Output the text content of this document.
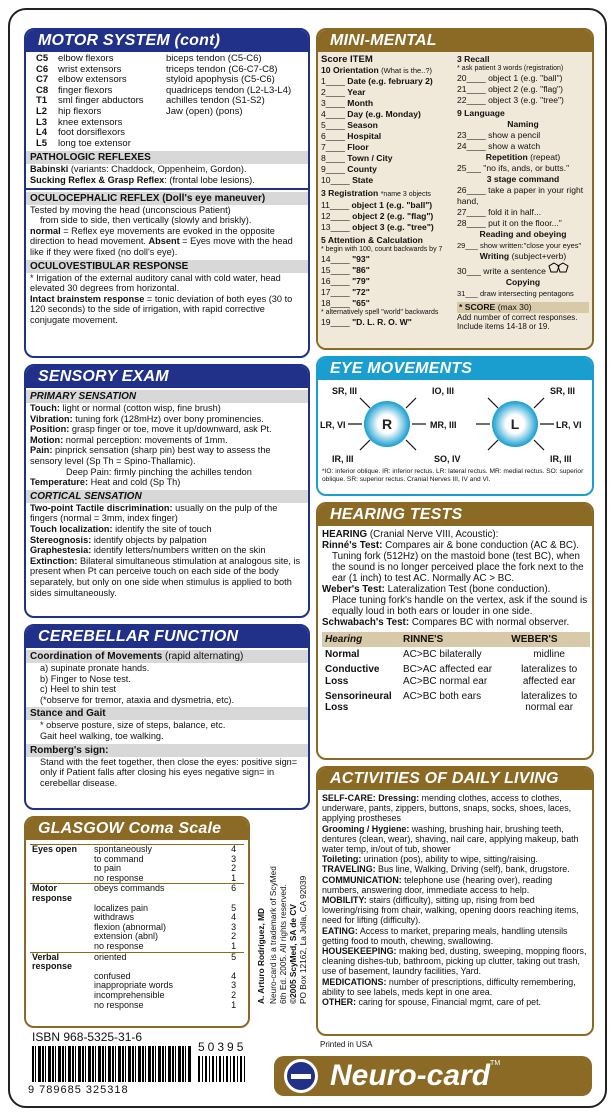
MOTOR SYSTEM (cont)
C5	elbow flexors	biceps tendon (C5-C6)
C6	wrist extensors	triceps tendon (C6-C7-C8)
C7	elbow extensors	styloid apophysis (C5-C6)
C8	finger flexors	quadriceps tendon (L2-L3-L4)
T1	sml finger abductors	achilles tendon (S1-S2)
L2	hip flexors	Jaw (open) (pons)
L3	knee extensors	
L4	foot dorsiflexors	
L5	long toe extensor	
PATHOLOGIC REFLEXES
Babinski (variants: Chaddock, Oppenheim, Gordon).
Sucking Reflex & Grasp Reflex: (frontal lobe lesions).
OCULOCEPHALIC REFLEX (Doll's eye maneuver)
Tested by moving the head (unconscious Patient)
from side to side, then vertically (slowly and briskly).
normal = Reflex eye movements are evoked in the opposite direction to head movement. Absent = Eyes move with the head like if they were fixed (no doll's eye).
OCULOVESTIBULAR RESPONSE
* Irrigation of the external auditory canal with cold water, head elevated 30 degrees from horizontal.
Intact brainstem response = tonic deviation of both eyes (30 to 120 seconds) to the side of irrigation, with rapid corrective conjugate movement.
SENSORY EXAM
PRIMARY SENSATION
Touch: light or normal (cotton wisp, fine brush)
Vibration: tuning fork (128mHz) over bony prominencies.
Position: grasp finger or toe, move it up/downward, ask Pt.
Motion: normal perception: movements of 1mm.
Pain: pinprick sensation (sharp pin) best way to assess the sensory level (Sp Th = Spino-Thallamic).
Deep Pain: firmly pinching the achilles tendon
Temperature: Heat and cold (Sp Th)
CORTICAL SENSATION
Two-point Tactile discrimination: usually on the pulp of the fingers (normal = 3mm, index finger)
Touch localization: identify the site of touch
Stereognosis: identify objects by palpation
Graphestesia: identify letters/numbers written on the skin
Extinction: Bilateral simultaneous stimulation at analogous site, is present when Pt can perceive touch on each side of the body separately, but only on one side when stimulus is applied to both sides simultaneously.
CEREBELLAR FUNCTION
Coordination of Movements (rapid alternating)
a) supinate pronate hands.
b) Finger to Nose test.
c) Heel to shin test
(*observe for tremor, ataxia and dysmetria, etc).
Stance and Gait
* observe posture, size of steps, balance, etc.
Gait heel walking, toe walking.
Romberg's sign:
Stand with the feet together, then close the eyes: positive sign= only if Patient falls after closing his eyes negative sign= in cerebellar disease.
GLASGOW Coma Scale
Eyes open	spontaneously	4
	to command	3
	to pain	2
	no response	1
Motor response	obeys commands	6
	localizes pain	5
	withdraws	4
	flexion (abnormal)	3
	extension (abnl)	2
	no response	1
Verbal response	oriented	5
	confused	4
	inappropriate words	3
	incomprehensible	2
	no response	1
A. Arturo Rodríguez, MD Neuro-card is a trademark of ScyMed 6th Ed. 2005. All rights reserved. ©2005 ScyMed, SA de CV PO Box 12162, La Jolla, CA 92039
ISBN 968-5325-31-6
50395
9 789685 325318
MINI-MENTAL
Score ITEM
10 Orientation (What is the..?)
1____ Date (e.g. february 2)
2____ Year
3____ Month
4____ Day (e.g. Monday)
5____ Season
6____ Hospital
7____ Floor
8____ Town / City
9____ County
10____ State
3 Registration *name 3 objects
11____ object 1 (e.g. "ball")
12____ object 2 (e.g. "flag")
13____ object 3 (e.g. "tree")
5 Attention & Calculation
* begin with 100, count backwards by 7
14____ "93"
15____ "86"
16____ "79"
17____ "72"
18____ "65"
* alternatively spell "world" backwards
19____ "D. L. R. O. W"
3 Recall
* ask patient 3 words (registration)
20____ object 1 (e.g. "ball")
21____ object 2 (e.g. "flag")
22____ object 3 (e.g. "tree")
9 Language
Naming
23____ show a pencil
24____ show a watch
Repetition (repeat)
25___ "no ifs, ands, or butts."
3 stage command
26____ take a paper in your right hand,
27____ fold it in half...
28____ put it on the floor..."
Reading and obeying
29___ show written:"close your eyes"
Writing (subject+verb)
30___ write a sentence
Copying
31___ draw intersecting pentagons
* SCORE (max 30)
Add number of correct responses. Include items 14-18 or 19.
EYE MOVEMENTS
R	L
SR, III	IO, III	SR, III
LR, VI	MR, III	LR, VI
IR, III	SO, IV	IR, III
*IO: inferior oblique. IR: inferior rectus. LR: lateral rectus. MR: medial rectus. SO: superior oblique. SR: superior rectus. Cranial Nerves III, IV and VI.
HEARING TESTS
HEARING (Cranial Nerve VIII, Acoustic):
Rinné's Test: Compares air & bone conduction (AC & BC).
Tuning fork (512Hz) on the mastoid bone (test BC), when the sound is no longer perceived place the fork next to the ear (1 inch) to test AC. Normally AC > BC.
Weber's Test: Lateralization Test (bone conduction).
Place tuning fork's handle on the vertex, ask if the sound is equally loud in both ears or louder in one side.
Schwabach's Test: Compares BC with normal observer.
Hearing	RINNE'S	WEBER'S
Normal	AC>BC bilaterally	midline
Conductive Loss	BC>AC affected ear AC>BC normal ear	lateralizes to affected ear
Sensorineural Loss	AC>BC both ears	lateralizes to normal ear
ACTIVITIES OF DAILY LIVING
SELF-CARE: Dressing: mending clothes, access to clothes, underware, pants, zippers, buttons, snaps, socks, shoes, laces, applying prostheses
Grooming / Hygiene: washing, brushing hair, brushing teeth, dentures (clean, wear), shaving, nail care, applying makeup, bath water temp, in/out of tub, shower
Toileting: urination (pos), ability to wipe, sitting/raising.
TRAVELING: Bus line, Walking, Driving (self), bank, drugstore.
COMMUNICATION: telephone use (hearing over), reading numbers, answering door, immediate access to help.
MOBILITY: stairs (difficulty), sitting up, rising from bed lowering/rising from chair, walking, opening doors reaching items, need for lifting (difficulty).
EATING: Access to market, preparing meals, handling utensils getting food to mouth, chewing, swallowing.
HOUSEKEEPING: making bed, dusting, sweeping, mopping floors, cleaning dishes-tub, bathroom, picking up clutter, taking out trash, use of basement, laundry facilities, Yard.
MEDICATIONS: number of prescriptions, difficulty remembering, ability to see labels, meds kept in one area.
OTHER: caring for spouse, Financial mgmt, care of pet.
Printed in USA
Neuro-card TM
